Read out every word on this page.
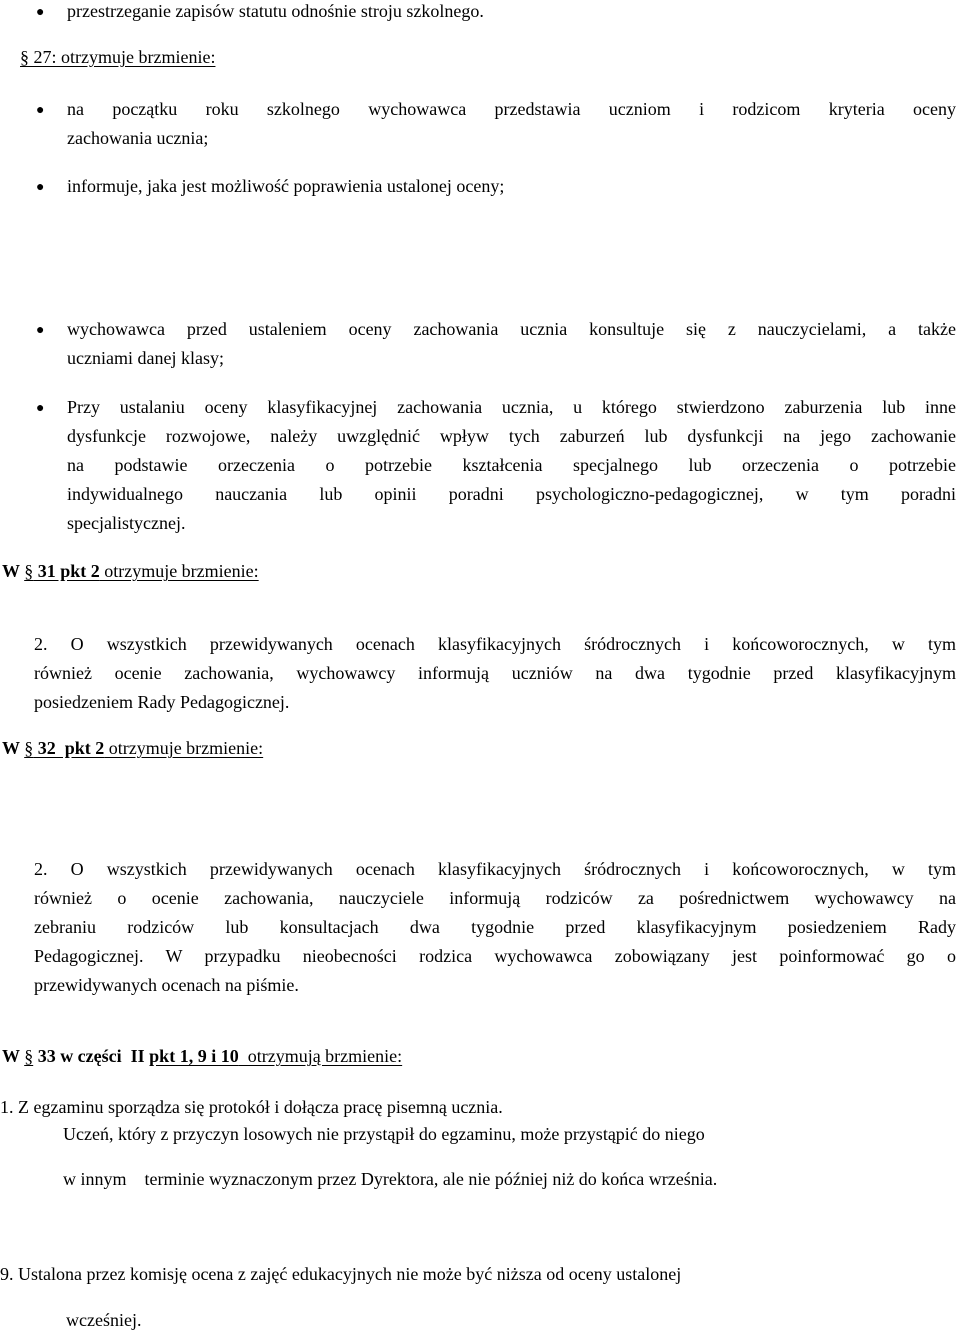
● przestrzeganie zapisów statutu odnośnie stroju szkolnego.
§ 27: otrzymuje brzmienie:
● na początku roku szkolnego wychowawca przedstawia uczniom i rodzicom kryteria oceny
zachowania ucznia;
● informuje, jaka jest możliwość poprawienia ustalonej oceny;
● wychowawca przed ustaleniem oceny zachowania ucznia konsultuje się z nauczycielami, a także
uczniami danej klasy;
● Przy ustalaniu oceny klasyfikacyjnej zachowania ucznia, u którego stwierdzono zaburzenia lub inne
dysfunkcje rozwojowe, należy uwzględnić wpływ tych zaburzeń lub dysfunkcji na jego zachowanie
na podstawie orzeczenia o potrzebie kształcenia specjalnego lub orzeczenia o potrzebie
indywidualnego nauczania lub opinii poradni psychologiczno-pedagogicznej, w tym poradni
specjalistycznej.
W § 31 pkt 2 otrzymuje brzmienie:
2. O wszystkich przewidywanych ocenach klasyfikacyjnych śródrocznych i końcoworocznych, w tym
również ocenie zachowania, wychowawcy informują uczniów na dwa tygodnie przed klasyfikacyjnym
posiedzeniem Rady Pedagogicznej.
W § 32  pkt 2 otrzymuje brzmienie:
2. O wszystkich przewidywanych ocenach klasyfikacyjnych śródrocznych i końcoworocznych, w tym
również o ocenie zachowania, nauczyciele informują rodziców za pośrednictwem wychowawcy na
zebraniu rodziców lub konsultacjach dwa tygodnie przed klasyfikacyjnym posiedzeniem Rady
Pedagogicznej. W przypadku nieobecności rodzica wychowawca zobowiązany jest poinformować go o
przewidywanych ocenach na piśmie.
W § 33 w części  II pkt 1, 9 i 10  otrzymują brzmienie:
1. Z egzaminu sporządza się protokół i dołącza pracę pisemną ucznia.
Uczeń, który z przyczyn losowych nie przystąpił do egzaminu, może przystąpić do niego
w innym    terminie wyznaczonym przez Dyrektora, ale nie później niż do końca września.
9. Ustalona przez komisję ocena z zajęć edukacyjnych nie może być niższa od oceny ustalonej
wcześniej.
